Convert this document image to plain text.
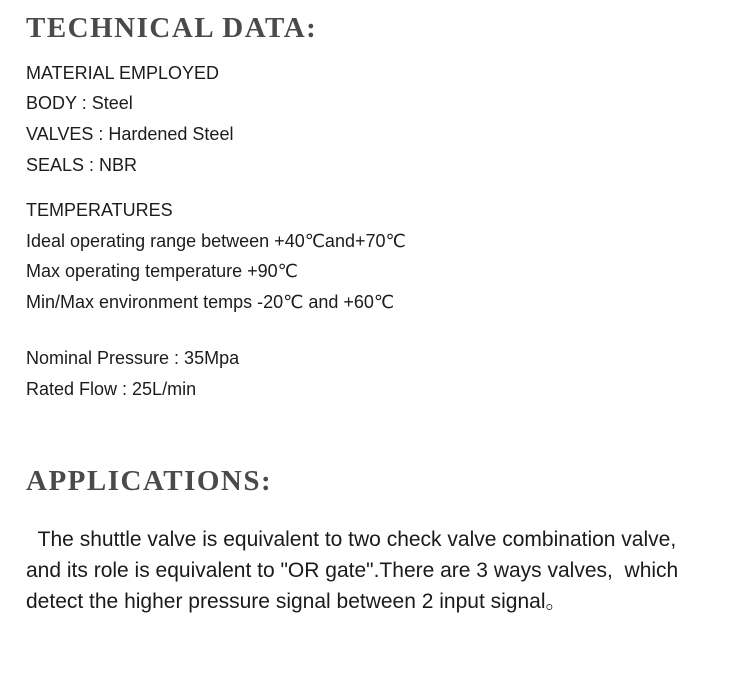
TECHNICAL DATA:

MATERIAL EMPLOYED

BODY : Steel

VALVES : Hardened Steel

SEALS : NBR

TEMPERATURES

Ideal operating range between +40℃and+70℃

Max operating temperature +90℃

Min/Max environment temps -20℃ and +60℃

Nominal Pressure : 35Mpa

Rated Flow : 25L/min

APPLICATIONS:

The shuttle valve is equivalent to two check valve combination valve, and its role is equivalent to "OR gate".There are 3 ways valves,  which detect the higher pressure signal between 2 input signal。
